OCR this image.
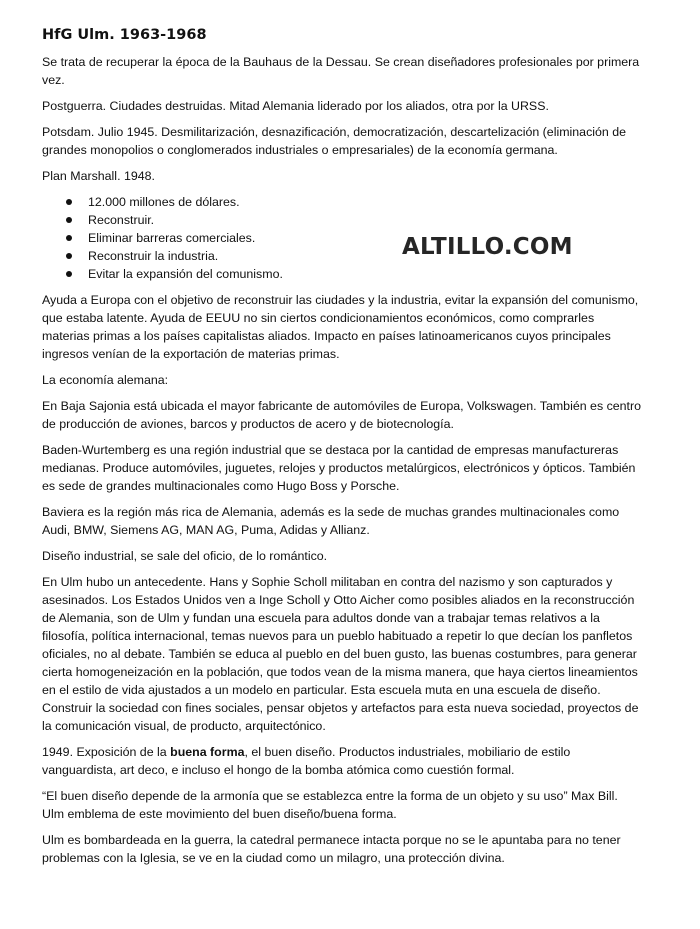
HfG Ulm. 1963-1968

Se trata de recuperar la época de la Bauhaus de la Dessau. Se crean diseñadores profesionales por primera vez.

Postguerra. Ciudades destruidas. Mitad Alemania liderado por los aliados, otra por la URSS.

Potsdam. Julio 1945. Desmilitarización, desnazificación, democratización, descartelización (eliminación de grandes monopolios o conglomerados industriales o empresariales) de la economía germana.

Plan Marshall. 1948.

12.000 millones de dólares.
Reconstruir.
Eliminar barreras comerciales.
Reconstruir la industria.
Evitar la expansión del comunismo.

Ayuda a Europa con el objetivo de reconstruir las ciudades y la industria, evitar la expansión del comunismo, que estaba latente. Ayuda de EEUU no sin ciertos condicionamientos económicos, como comprarles materias primas a los países capitalistas aliados. Impacto en países latinoamericanos cuyos principales ingresos venían de la exportación de materias primas.

La economía alemana:

En Baja Sajonia está ubicada el mayor fabricante de automóviles de Europa, Volkswagen. También es centro de producción de aviones, barcos y productos de acero y de biotecnología.

Baden-Wurtemberg es una región industrial que se destaca por la cantidad de empresas manufactureras medianas. Produce automóviles, juguetes, relojes y productos metalúrgicos, electrónicos y ópticos. También es sede de grandes multinacionales como Hugo Boss y Porsche.

Baviera es la región más rica de Alemania, además es la sede de muchas grandes multinacionales como Audi, BMW, Siemens AG, MAN AG, Puma, Adidas y Allianz.

Diseño industrial, se sale del oficio, de lo romántico.

En Ulm hubo un antecedente. Hans y Sophie Scholl militaban en contra del nazismo y son capturados y asesinados. Los Estados Unidos ven a Inge Scholl y Otto Aicher como posibles aliados en la reconstrucción de Alemania, son de Ulm y fundan una escuela para adultos donde van a trabajar temas relativos a la filosofía, política internacional, temas nuevos para un pueblo habituado a repetir lo que decían los panfletos oficiales, no al debate. También se educa al pueblo en del buen gusto, las buenas costumbres, para generar cierta homogeneización en la población, que todos vean de la misma manera, que haya ciertos lineamientos en el estilo de vida ajustados a un modelo en particular. Esta escuela muta en una escuela de diseño. Construir la sociedad con fines sociales, pensar objetos y artefactos para esta nueva sociedad, proyectos de la comunicación visual, de producto, arquitectónico.

1949. Exposición de la buena forma, el buen diseño. Productos industriales, mobiliario de estilo vanguardista, art deco, e incluso el hongo de la bomba atómica como cuestión formal.

“El buen diseño depende de la armonía que se establezca entre la forma de un objeto y su uso” Max Bill. Ulm emblema de este movimiento del buen diseño/buena forma.

Ulm es bombardeada en la guerra, la catedral permanece intacta porque no se le apuntaba para no tener problemas con la Iglesia, se ve en la ciudad como un milagro, una protección divina.

ALTILLO.COM
